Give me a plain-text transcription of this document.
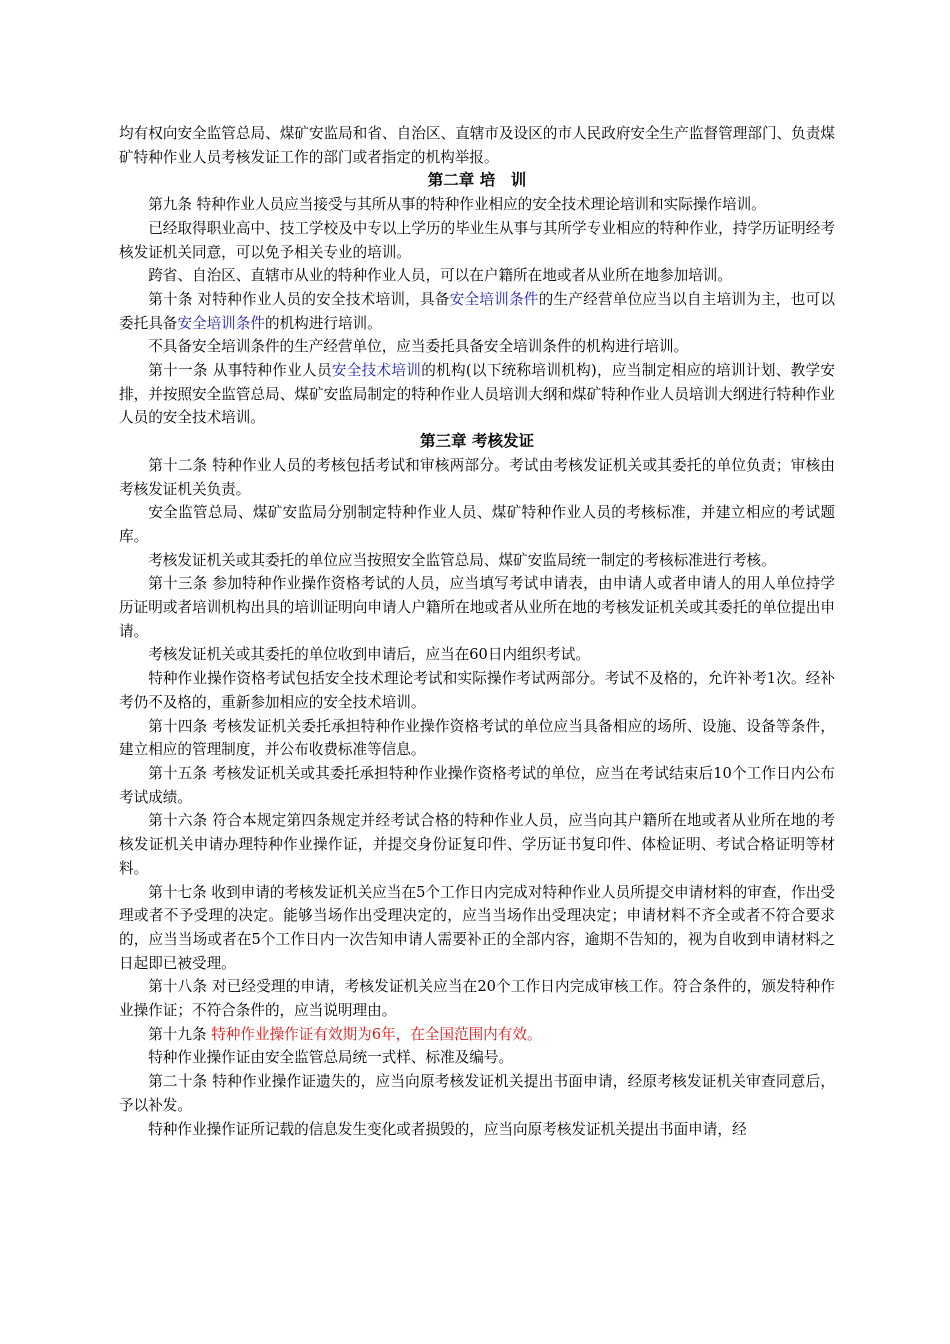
均有权向安全监管总局、煤矿安监局和省、自治区、直辖市及设区的市人民政府安全生产监督管理部门、负责煤矿特种作业人员考核发证工作的部门或者指定的机构举报。

第二章 培　训

第九条 特种作业人员应当接受与其所从事的特种作业相应的安全技术理论培训和实际操作培训。

已经取得职业高中、技工学校及中专以上学历的毕业生从事与其所学专业相应的特种作业，持学历证明经考核发证机关同意，可以免予相关专业的培训。

跨省、自治区、直辖市从业的特种作业人员，可以在户籍所在地或者从业所在地参加培训。

第十条 对特种作业人员的安全技术培训，具备安全培训条件的生产经营单位应当以自主培训为主，也可以委托具备安全培训条件的机构进行培训。

不具备安全培训条件的生产经营单位，应当委托具备安全培训条件的机构进行培训。

第十一条 从事特种作业人员安全技术培训的机构(以下统称培训机构)，应当制定相应的培训计划、教学安排，并按照安全监管总局、煤矿安监局制定的特种作业人员培训大纲和煤矿特种作业人员培训大纲进行特种作业人员的安全技术培训。

第三章 考核发证

第十二条 特种作业人员的考核包括考试和审核两部分。考试由考核发证机关或其委托的单位负责；审核由考核发证机关负责。

安全监管总局、煤矿安监局分别制定特种作业人员、煤矿特种作业人员的考核标准，并建立相应的考试题库。

考核发证机关或其委托的单位应当按照安全监管总局、煤矿安监局统一制定的考核标准进行考核。

第十三条 参加特种作业操作资格考试的人员，应当填写考试申请表，由申请人或者申请人的用人单位持学历证明或者培训机构出具的培训证明向申请人户籍所在地或者从业所在地的考核发证机关或其委托的单位提出申请。

考核发证机关或其委托的单位收到申请后，应当在60日内组织考试。

特种作业操作资格考试包括安全技术理论考试和实际操作考试两部分。考试不及格的，允许补考1次。经补考仍不及格的，重新参加相应的安全技术培训。

第十四条 考核发证机关委托承担特种作业操作资格考试的单位应当具备相应的场所、设施、设备等条件，建立相应的管理制度，并公布收费标准等信息。

第十五条 考核发证机关或其委托承担特种作业操作资格考试的单位，应当在考试结束后10个工作日内公布考试成绩。

第十六条 符合本规定第四条规定并经考试合格的特种作业人员，应当向其户籍所在地或者从业所在地的考核发证机关申请办理特种作业操作证，并提交身份证复印件、学历证书复印件、体检证明、考试合格证明等材料。

第十七条 收到申请的考核发证机关应当在5个工作日内完成对特种作业人员所提交申请材料的审查，作出受理或者不予受理的决定。能够当场作出受理决定的，应当当场作出受理决定；申请材料不齐全或者不符合要求的，应当当场或者在5个工作日内一次告知申请人需要补正的全部内容，逾期不告知的，视为自收到申请材料之日起即已被受理。

第十八条 对已经受理的申请，考核发证机关应当在20个工作日内完成审核工作。符合条件的，颁发特种作业操作证；不符合条件的，应当说明理由。

第十九条 特种作业操作证有效期为6年，在全国范围内有效。

特种作业操作证由安全监管总局统一式样、标准及编号。

第二十条 特种作业操作证遗失的，应当向原考核发证机关提出书面申请，经原考核发证机关审查同意后，予以补发。

特种作业操作证所记载的信息发生变化或者损毁的，应当向原考核发证机关提出书面申请，经
